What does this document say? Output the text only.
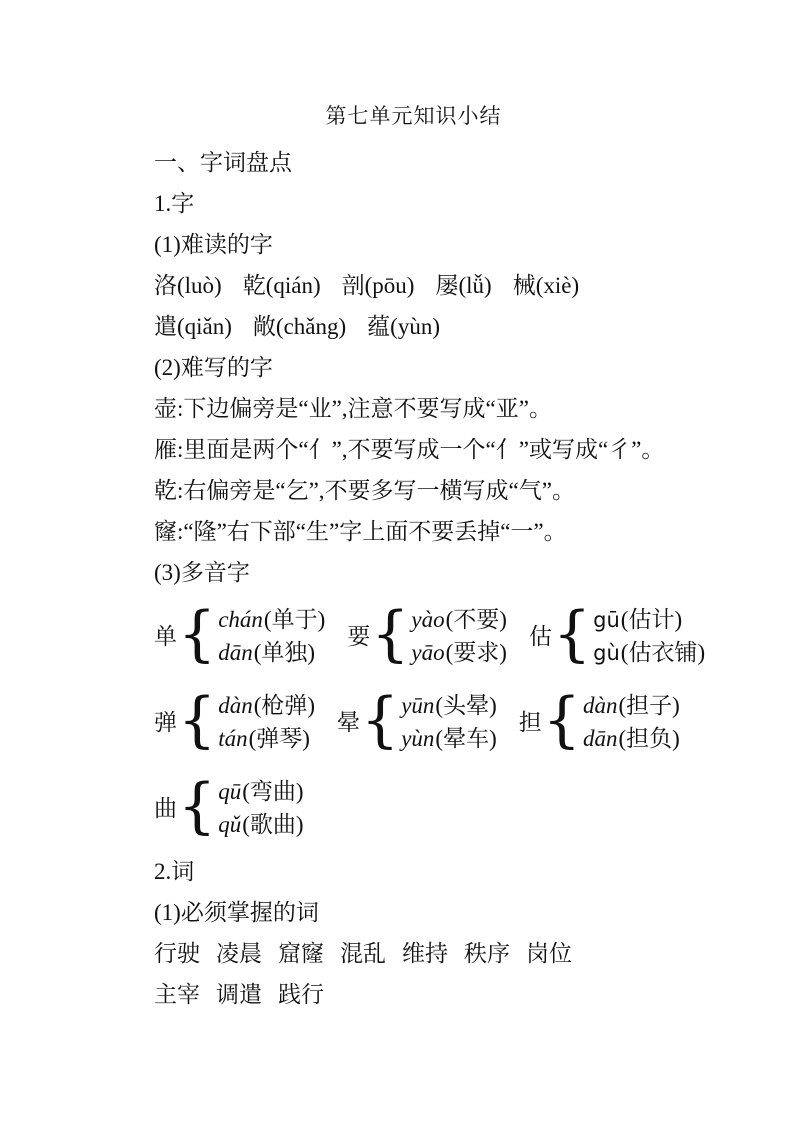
第七单元知识小结
一、字词盘点
1.字
(1)难读的字
洛(luò) 乾(qián) 剖(pōu) 屡(lǚ) 械(xiè)
遣(qiǎn) 敞(chǎng) 蕴(yùn)
(2)难写的字
壶:下边偏旁是“业”,注意不要写成“亚”。
雁:里面是两个“亻”,不要写成一个“亻”或写成“彳”。
乾:右偏旁是“乞”,不要多写一横写成“气”。
窿:“隆”右下部“生”字上面不要丢掉“一”。
(3)多音字
单 { chán(单于)
dān(单独)
要 { yào(不要)
yāo(要求)
估 { gū(估计)
gù(估衣铺)
弹 { dàn(枪弹)
tán(弹琴)
晕 { yūn(头晕)
yùn(晕车)
担 { dàn(担子)
dān(担负)
曲 { qū(弯曲)
qǔ(歌曲)
2.词
(1)必须掌握的词
行驶 凌晨 窟窿 混乱 维持 秩序 岗位
主宰 调遣 践行
